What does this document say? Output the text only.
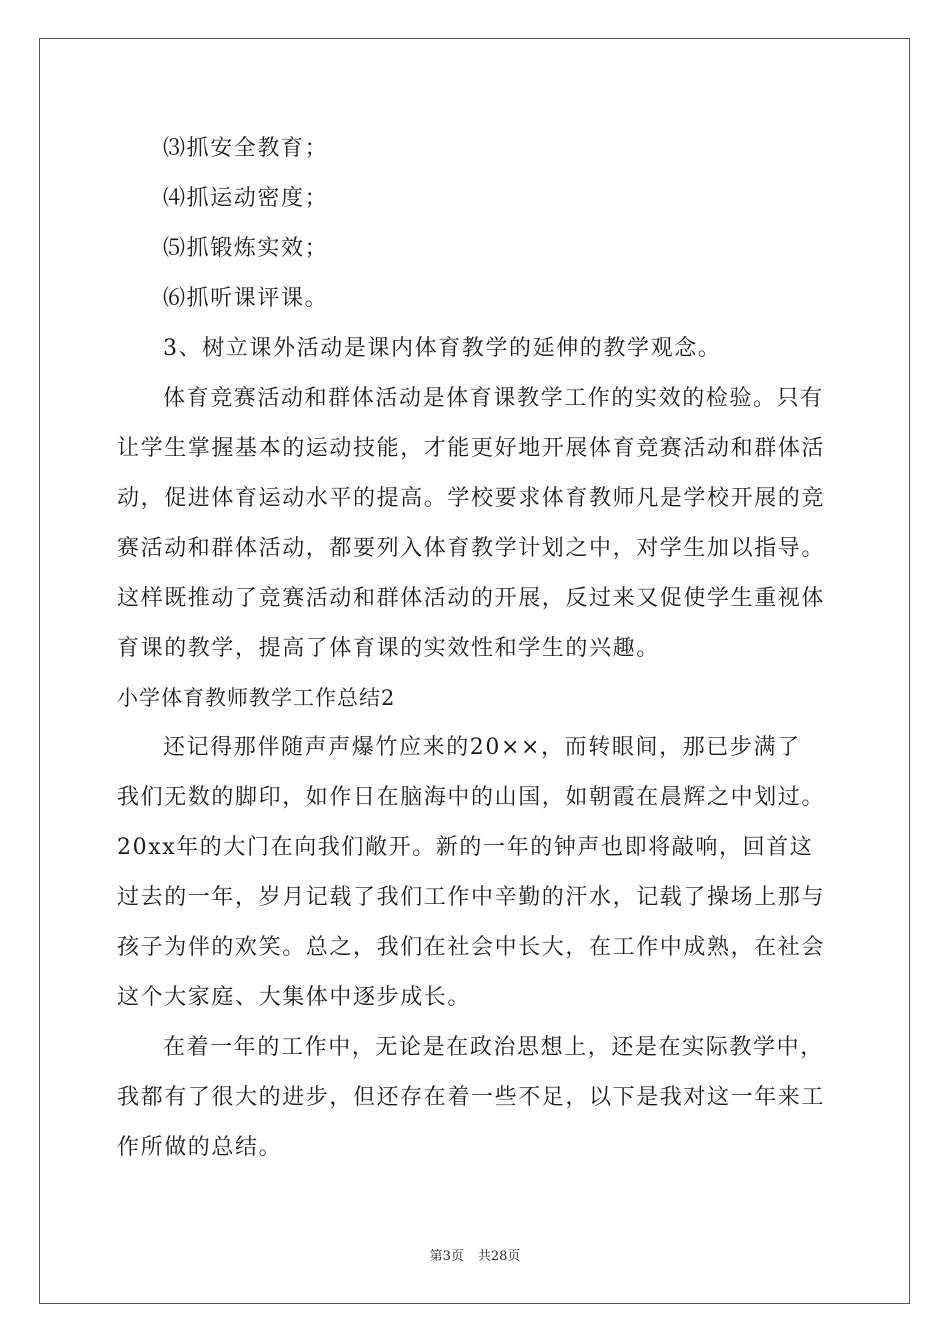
⑶抓安全教育；
⑷抓运动密度；
⑸抓锻炼实效；
⑹抓听课评课。
3、树立课外活动是课内体育教学的延伸的教学观念。
体育竞赛活动和群体活动是体育课教学工作的实效的检验。只有
让学生掌握基本的运动技能，才能更好地开展体育竞赛活动和群体活
动，促进体育运动水平的提高。学校要求体育教师凡是学校开展的竞
赛活动和群体活动，都要列入体育教学计划之中，对学生加以指导。
这样既推动了竞赛活动和群体活动的开展，反过来又促使学生重视体
育课的教学，提高了体育课的实效性和学生的兴趣。
小学体育教师教学工作总结2
还记得那伴随声声爆竹应来的20××，而转眼间，那已步满了
我们无数的脚印，如作日在脑海中的山国，如朝霞在晨辉之中划过。
20xx年的大门在向我们敞开。新的一年的钟声也即将敲响，回首这
过去的一年，岁月记载了我们工作中辛勤的汗水，记载了操场上那与
孩子为伴的欢笑。总之，我们在社会中长大，在工作中成熟，在社会
这个大家庭、大集体中逐步成长。
在着一年的工作中，无论是在政治思想上，还是在实际教学中，
我都有了很大的进步，但还存在着一些不足，以下是我对这一年来工
作所做的总结。
第3页 共28页
